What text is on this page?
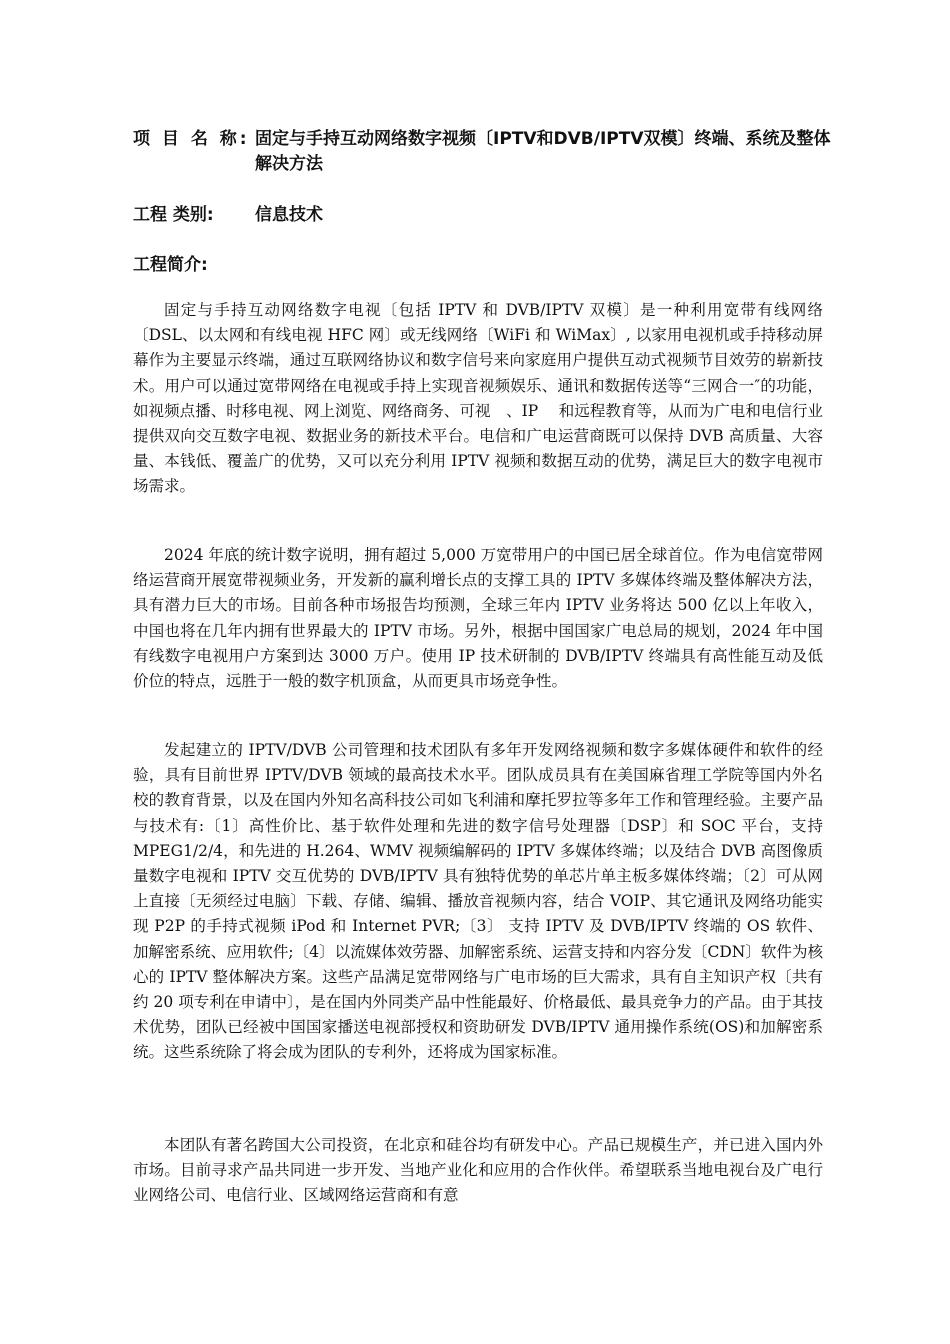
项 目 名 称: 固定与手持互动网络数字视频〔IPTV和DVB/IPTV双模〕终端、系统及整体解决方法
工程 类别: 信息技术
工程简介:

固定与手持互动网络数字电视〔包括 IPTV 和 DVB/IPTV 双模〕是一种利用宽带有线网络〔DSL、以太网和有线电视 HFC 网〕或无线网络〔WiFi 和 WiMax〕, 以家用电视机或手持移动屏幕作为主要显示终端，通过互联网络协议和数字信号来向家庭用户提供互动式视频节目效劳的崭新技术。用户可以通过宽带网络在电视或手持上实现音视频娱乐、通讯和数据传送等“三网合一″的功能，如视频点播、时移电视、网上浏览、网络商务、可视　、IP　 和远程教育等，从而为广电和电信行业提供双向交互数字电视、数据业务的新技术平台。电信和广电运营商既可以保持 DVB 高质量、大容量、本钱低、覆盖广的优势，又可以充分利用 IPTV 视频和数据互动的优势，满足巨大的数字电视市场需求。

2024 年底的统计数字说明，拥有超过 5,000 万宽带用户的中国已居全球首位。作为电信宽带网络运营商开展宽带视频业务，开发新的赢利增长点的支撑工具的 IPTV 多媒体终端及整体解决方法，具有潜力巨大的市场。目前各种市场报告均预测，全球三年内 IPTV 业务将达 500 亿以上年收入，中国也将在几年内拥有世界最大的 IPTV 市场。另外，根据中国国家广电总局的规划，2024 年中国有线数字电视用户方案到达 3000 万户。使用 IP 技术研制的 DVB/IPTV 终端具有高性能互动及低价位的特点，远胜于一般的数字机顶盒，从而更具市场竞争性。

发起建立的 IPTV/DVB 公司管理和技术团队有多年开发网络视频和数字多媒体硬件和软件的经验，具有目前世界 IPTV/DVB 领域的最高技术水平。团队成员具有在美国麻省理工学院等国内外名校的教育背景，以及在国内外知名高科技公司如飞利浦和摩托罗拉等多年工作和管理经验。主要产品与技术有:〔1〕高性价比、基于软件处理和先进的数字信号处理器〔DSP〕和 SOC 平台，支持MPEG1/2/4，和先进的 H.264、WMV 视频编解码的 IPTV 多媒体终端；以及结合 DVB 高图像质量数字电视和 IPTV 交互优势的 DVB/IPTV 具有独特优势的单芯片单主板多媒体终端；〔2〕可从网上直接〔无须经过电脑〕下载、存储、编辑、播放音视频内容，结合 VOIP、其它通讯及网络功能实现 P2P 的手持式视频 iPod 和 Internet PVR;〔3〕 支持 IPTV 及 DVB/IPTV 终端的 OS 软件、加解密系统、应用软件;〔4〕以流媒体效劳器、加解密系统、运营支持和内容分发〔CDN〕软件为核心的 IPTV 整体解决方案。这些产品满足宽带网络与广电市场的巨大需求，具有自主知识产权〔共有约 20 项专利在申请中〕，是在国内外同类产品中性能最好、价格最低、最具竞争力的产品。由于其技术优势，团队已经被中国国家播送电视部授权和资助研发 DVB/IPTV 通用操作系统(OS)和加解密系统。这些系统除了将会成为团队的专利外，还将成为国家标准。

本团队有著名跨国大公司投资，在北京和硅谷均有研发中心。产品已规模生产，并已进入国内外市场。目前寻求产品共同进一步开发、当地产业化和应用的合作伙伴。希望联系当地电视台及广电行业网络公司、电信行业、区域网络运营商和有意
